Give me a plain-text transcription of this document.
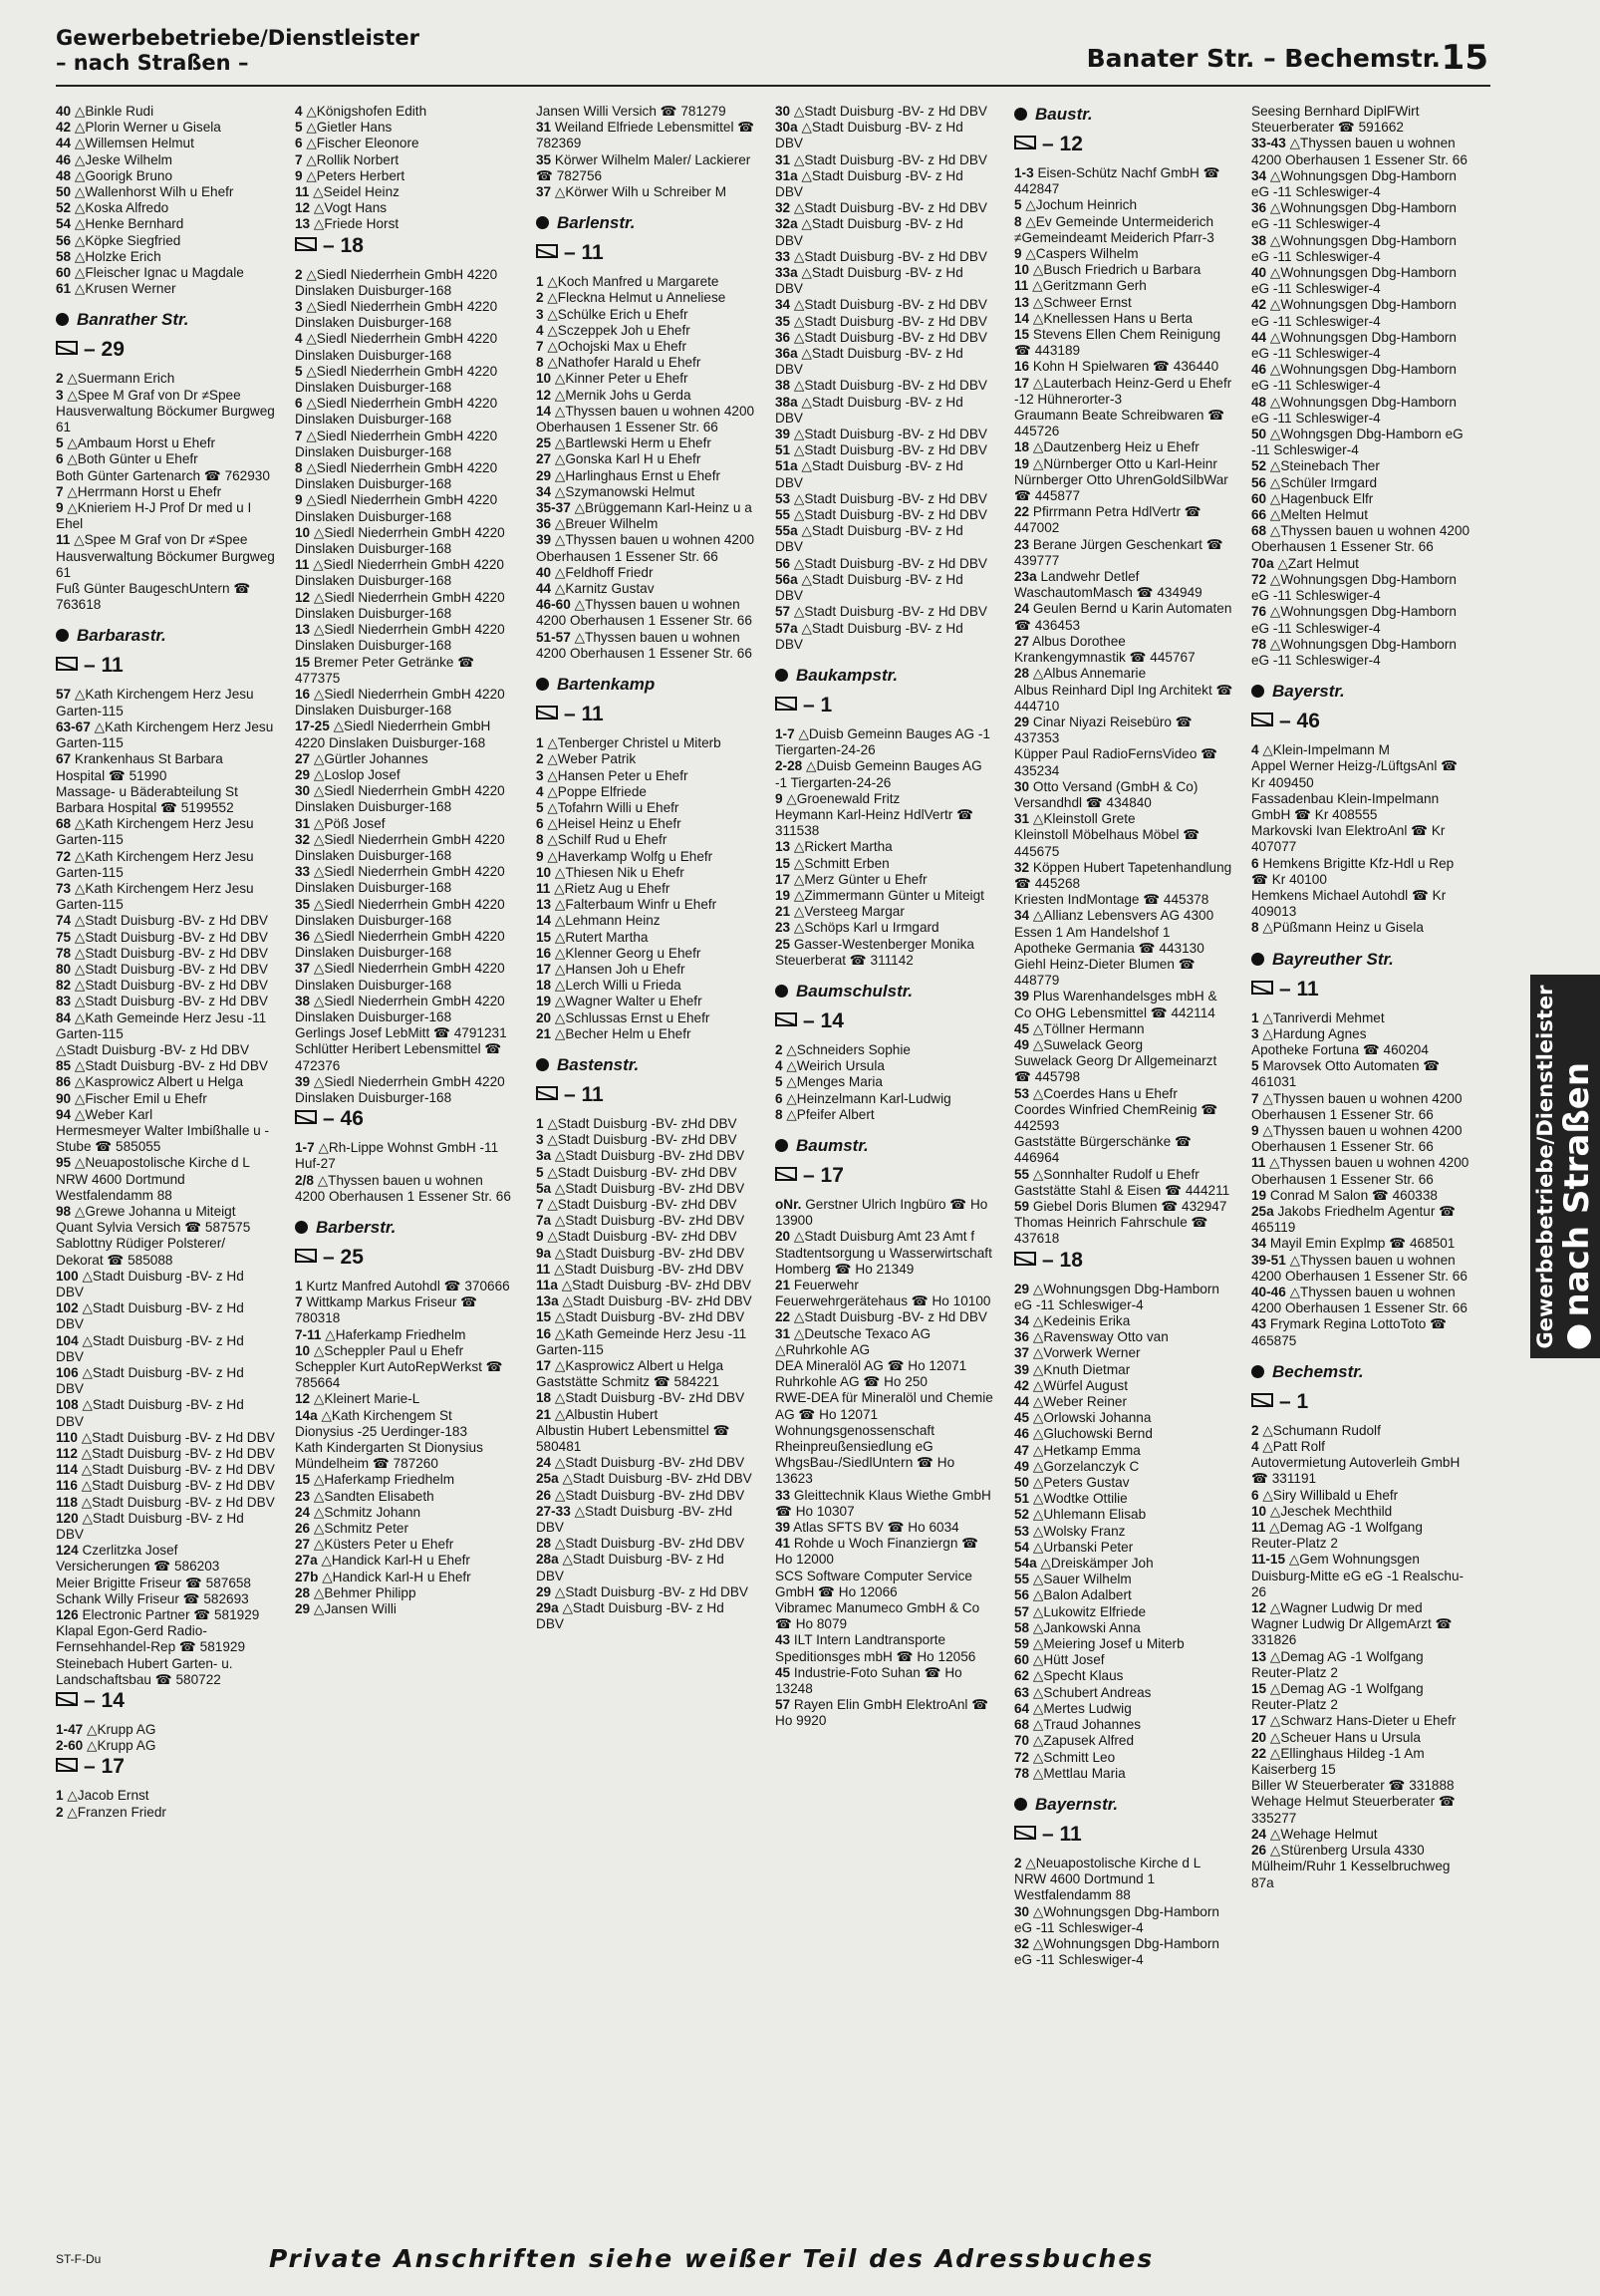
Gewerbebetriebe/Dienstleister
– nach Straßen –	Banater Str. – Bechemstr. 15
40 △Binkle Rudi
42 △Plorin Werner u Gisela
44 △Willemsen Helmut
46 △Jeske Wilhelm
48 △Goorigk Bruno
50 △Wallenhorst Wilh u Ehefr
52 △Koska Alfredo
54 △Henke Bernhard
56 △Köpke Siegfried
58 △Holzke Erich
60 △Fleischer Ignac u Magdale
61 △Krusen Werner
Banrather Str.
– 29
2 △Suermann Erich
3 △Spee M Graf von Dr ≠Spee Hausverwaltung Böckumer Burgweg 61
5 △Ambaum Horst u Ehefr
6 △Both Günter u Ehefr
Both Günter Gartenarch ☎ 762930
7 △Herrmann Horst u Ehefr
9 △Knieriem H-J Prof Dr med u I Ehel
11 △Spee M Graf von Dr ≠Spee Hausverwaltung Böckumer Burgweg 61
Fuß Günter BaugeschUntern ☎ 763618
Barbarastr.
– 11
57 △Kath Kirchengem Herz Jesu Garten-115
63-67 △Kath Kirchengem Herz Jesu Garten-115
67 Krankenhaus St Barbara Hospital ☎ 51990
Massage- u Bäderabteilung St Barbara Hospital ☎ 5199552
68 △Kath Kirchengem Herz Jesu Garten-115
72 △Kath Kirchengem Herz Jesu Garten-115
73 △Kath Kirchengem Herz Jesu Garten-115
74 △Stadt Duisburg -BV- z Hd DBV
75 △Stadt Duisburg -BV- z Hd DBV
78 △Stadt Duisburg -BV- z Hd DBV
80 △Stadt Duisburg -BV- z Hd DBV
82 △Stadt Duisburg -BV- z Hd DBV
83 △Stadt Duisburg -BV- z Hd DBV
84 △Kath Gemeinde Herz Jesu -11 Garten-115
△Stadt Duisburg -BV- z Hd DBV
85 △Stadt Duisburg -BV- z Hd DBV
86 △Kasprowicz Albert u Helga
90 △Fischer Emil u Ehefr
94 △Weber Karl
Hermesmeyer Walter Imbißhalle u -Stube ☎ 585055
95 △Neuapostolische Kirche d L NRW 4600 Dortmund Westfalendamm 88
98 △Grewe Johanna u Miteigt
Quant Sylvia Versich ☎ 587575
Sablottny Rüdiger Polsterer/ Dekorat ☎ 585088
100 △Stadt Duisburg -BV- z Hd DBV
102 △Stadt Duisburg -BV- z Hd DBV
104 △Stadt Duisburg -BV- z Hd DBV
106 △Stadt Duisburg -BV- z Hd DBV
108 △Stadt Duisburg -BV- z Hd DBV
110 △Stadt Duisburg -BV- z Hd DBV
112 △Stadt Duisburg -BV- z Hd DBV
114 △Stadt Duisburg -BV- z Hd DBV
116 △Stadt Duisburg -BV- z Hd DBV
118 △Stadt Duisburg -BV- z Hd DBV
120 △Stadt Duisburg -BV- z Hd DBV
124 Czerlitzka Josef Versicherungen ☎ 586203
Meier Brigitte Friseur ☎ 587658
Schank Willy Friseur ☎ 582693
126 Electronic Partner ☎ 581929
Klapal Egon-Gerd Radio-Fernsehhandel-Rep ☎ 581929
Steinebach Hubert Garten- u. Landschaftsbau ☎ 580722
– 14
1-47 △Krupp AG
2-60 △Krupp AG
– 17
1 △Jacob Ernst
2 △Franzen Friedr
4 △Königshofen Edith
5 △Gietler Hans
6 △Fischer Eleonore
7 △Rollik Norbert
9 △Peters Herbert
11 △Seidel Heinz
12 △Vogt Hans
13 △Friede Horst
– 18
2 △Siedl Niederrhein GmbH 4220 Dinslaken Duisburger-168
3 △Siedl Niederrhein GmbH 4220 Dinslaken Duisburger-168
4 △Siedl Niederrhein GmbH 4220 Dinslaken Duisburger-168
5 △Siedl Niederrhein GmbH 4220 Dinslaken Duisburger-168
6 △Siedl Niederrhein GmbH 4220 Dinslaken Duisburger-168
7 △Siedl Niederrhein GmbH 4220 Dinslaken Duisburger-168
8 △Siedl Niederrhein GmbH 4220 Dinslaken Duisburger-168
9 △Siedl Niederrhein GmbH 4220 Dinslaken Duisburger-168
10 △Siedl Niederrhein GmbH 4220 Dinslaken Duisburger-168
11 △Siedl Niederrhein GmbH 4220 Dinslaken Duisburger-168
12 △Siedl Niederrhein GmbH 4220 Dinslaken Duisburger-168
13 △Siedl Niederrhein GmbH 4220 Dinslaken Duisburger-168
15 Bremer Peter Getränke ☎ 477375
16 △Siedl Niederrhein GmbH 4220 Dinslaken Duisburger-168
17-25 △Siedl Niederrhein GmbH 4220 Dinslaken Duisburger-168
27 △Gürtler Johannes
29 △Loslop Josef
30 △Siedl Niederrhein GmbH 4220 Dinslaken Duisburger-168
31 △Pöß Josef
32 △Siedl Niederrhein GmbH 4220 Dinslaken Duisburger-168
33 △Siedl Niederrhein GmbH 4220 Dinslaken Duisburger-168
35 △Siedl Niederrhein GmbH 4220 Dinslaken Duisburger-168
36 △Siedl Niederrhein GmbH 4220 Dinslaken Duisburger-168
37 △Siedl Niederrhein GmbH 4220 Dinslaken Duisburger-168
38 △Siedl Niederrhein GmbH 4220 Dinslaken Duisburger-168
Gerlings Josef LebMitt ☎ 4791231
Schlütter Heribert Lebensmittel ☎ 472376
39 △Siedl Niederrhein GmbH 4220 Dinslaken Duisburger-168
– 46
1-7 △Rh-Lippe Wohnst GmbH -11 Huf-27
2/8 △Thyssen bauen u wohnen 4200 Oberhausen 1 Essener Str. 66
Barberstr.
– 25
1 Kurtz Manfred Autohdl ☎ 370666
7 Wittkamp Markus Friseur ☎ 780318
7-11 △Haferkamp Friedhelm
10 △Scheppler Paul u Ehefr
Scheppler Kurt AutoRepWerkst ☎ 785664
12 △Kleinert Marie-L
14a △Kath Kirchengem St Dionysius -25 Uerdinger-183
Kath Kindergarten St Dionysius Mündelheim ☎ 787260
15 △Haferkamp Friedhelm
23 △Sandten Elisabeth
24 △Schmitz Johann
26 △Schmitz Peter
27 △Küsters Peter u Ehefr
27a △Handick Karl-H u Ehefr
27b △Handick Karl-H u Ehefr
28 △Behmer Philipp
29 △Jansen Willi
Jansen Willi Versich ☎ 781279
31 Weiland Elfriede Lebensmittel ☎ 782369
35 Körwer Wilhelm Maler/ Lackierer ☎ 782756
37 △Körwer Wilh u Schreiber M
Barlenstr.
– 11
1 △Koch Manfred u Margarete
2 △Fleckna Helmut u Anneliese
3 △Schülke Erich u Ehefr
4 △Sczeppek Joh u Ehefr
7 △Ochojski Max u Ehefr
8 △Nathofer Harald u Ehefr
10 △Kinner Peter u Ehefr
12 △Mernik Johs u Gerda
14 △Thyssen bauen u wohnen 4200 Oberhausen 1 Essener Str. 66
25 △Bartlewski Herm u Ehefr
27 △Gonska Karl H u Ehefr
29 △Harlinghaus Ernst u Ehefr
34 △Szymanowski Helmut
35-37 △Brüggemann Karl-Heinz u a
36 △Breuer Wilhelm
39 △Thyssen bauen u wohnen 4200 Oberhausen 1 Essener Str. 66
40 △Feldhoff Friedr
44 △Karnitz Gustav
46-60 △Thyssen bauen u wohnen 4200 Oberhausen 1 Essener Str. 66
51-57 △Thyssen bauen u wohnen 4200 Oberhausen 1 Essener Str. 66
Bartenkamp
– 11
1 △Tenberger Christel u Miterb
2 △Weber Patrik
3 △Hansen Peter u Ehefr
4 △Poppe Elfriede
5 △Tofahrn Willi u Ehefr
6 △Heisel Heinz u Ehefr
8 △Schilf Rud u Ehefr
9 △Haverkamp Wolfg u Ehefr
10 △Thiesen Nik u Ehefr
11 △Rietz Aug u Ehefr
13 △Falterbaum Winfr u Ehefr
14 △Lehmann Heinz
15 △Rutert Martha
16 △Klenner Georg u Ehefr
17 △Hansen Joh u Ehefr
18 △Lerch Willi u Frieda
19 △Wagner Walter u Ehefr
20 △Schlussas Ernst u Ehefr
21 △Becher Helm u Ehefr
Bastenstr.
– 11
1 △Stadt Duisburg -BV- zHd DBV
3 △Stadt Duisburg -BV- zHd DBV
3a △Stadt Duisburg -BV- zHd DBV
5 △Stadt Duisburg -BV- zHd DBV
5a △Stadt Duisburg -BV- zHd DBV
7 △Stadt Duisburg -BV- zHd DBV
7a △Stadt Duisburg -BV- zHd DBV
9 △Stadt Duisburg -BV- zHd DBV
9a △Stadt Duisburg -BV- zHd DBV
11 △Stadt Duisburg -BV- zHd DBV
11a △Stadt Duisburg -BV- zHd DBV
13a △Stadt Duisburg -BV- zHd DBV
15 △Stadt Duisburg -BV- zHd DBV
16 △Kath Gemeinde Herz Jesu -11 Garten-115
17 △Kasprowicz Albert u Helga
Gaststätte Schmitz ☎ 584221
18 △Stadt Duisburg -BV- zHd DBV
21 △Albustin Hubert
Albustin Hubert Lebensmittel ☎ 580481
24 △Stadt Duisburg -BV- zHd DBV
25a △Stadt Duisburg -BV- zHd DBV
26 △Stadt Duisburg -BV- zHd DBV
27-33 △Stadt Duisburg -BV- zHd DBV
28 △Stadt Duisburg -BV- zHd DBV
28a △Stadt Duisburg -BV- z Hd DBV
29 △Stadt Duisburg -BV- z Hd DBV
29a △Stadt Duisburg -BV- z Hd DBV
30 △Stadt Duisburg -BV- z Hd DBV
30a △Stadt Duisburg -BV- z Hd DBV
31 △Stadt Duisburg -BV- z Hd DBV
31a △Stadt Duisburg -BV- z Hd DBV
32 △Stadt Duisburg -BV- z Hd DBV
32a △Stadt Duisburg -BV- z Hd DBV
33 △Stadt Duisburg -BV- z Hd DBV
33a △Stadt Duisburg -BV- z Hd DBV
34 △Stadt Duisburg -BV- z Hd DBV
35 △Stadt Duisburg -BV- z Hd DBV
36 △Stadt Duisburg -BV- z Hd DBV
36a △Stadt Duisburg -BV- z Hd DBV
38 △Stadt Duisburg -BV- z Hd DBV
38a △Stadt Duisburg -BV- z Hd DBV
39 △Stadt Duisburg -BV- z Hd DBV
51 △Stadt Duisburg -BV- z Hd DBV
51a △Stadt Duisburg -BV- z Hd DBV
53 △Stadt Duisburg -BV- z Hd DBV
55 △Stadt Duisburg -BV- z Hd DBV
55a △Stadt Duisburg -BV- z Hd DBV
56 △Stadt Duisburg -BV- z Hd DBV
56a △Stadt Duisburg -BV- z Hd DBV
57 △Stadt Duisburg -BV- z Hd DBV
57a △Stadt Duisburg -BV- z Hd DBV
Baukampstr.
– 1
1-7 △Duisb Gemeinn Bauges AG -1 Tiergarten-24-26
2-28 △Duisb Gemeinn Bauges AG -1 Tiergarten-24-26
9 △Groenewald Fritz
Heymann Karl-Heinz HdlVertr ☎ 311538
13 △Rickert Martha
15 △Schmitt Erben
17 △Merz Günter u Ehefr
19 △Zimmermann Günter u Miteigt
21 △Versteeg Margar
23 △Schöps Karl u Irmgard
25 Gasser-Westenberger Monika Steuerberat ☎ 311142
Baumschulstr.
– 14
2 △Schneiders Sophie
4 △Weirich Ursula
5 △Menges Maria
6 △Heinzelmann Karl-Ludwig
8 △Pfeifer Albert
Baumstr.
– 17
oNr. Gerstner Ulrich Ingbüro ☎ Ho 13900
20 △Stadt Duisburg Amt 23 Amt f Stadtentsorgung u Wasserwirtschaft Homberg ☎ Ho 21349
21 Feuerwehr Feuerwehrgerätehaus ☎ Ho 10100
22 △Stadt Duisburg -BV- z Hd DBV
31 △Deutsche Texaco AG △Ruhrkohle AG
DEA Mineralöl AG ☎ Ho 12071
Ruhrkohle AG ☎ Ho 250
RWE-DEA für Mineralöl und Chemie AG ☎ Ho 12071
Wohnungsgenossenschaft Rheinpreußensiedlung eG WhgsBau-/SiedlUntern ☎ Ho 13623
33 Gleittechnik Klaus Wiethe GmbH ☎ Ho 10307
39 Atlas SFTS BV ☎ Ho 6034
41 Rohde u Woch Finanziergn ☎ Ho 12000
SCS Software Computer Service GmbH ☎ Ho 12066
Vibramec Manumeco GmbH & Co ☎ Ho 8079
43 ILT Intern Landtransporte Speditionsges mbH ☎ Ho 12056
45 Industrie-Foto Suhan ☎ Ho 13248
57 Rayen Elin GmbH ElektroAnl ☎ Ho 9920
Baustr.
– 12
1-3 Eisen-Schütz Nachf GmbH ☎ 442847
5 △Jochum Heinrich
8 △Ev Gemeinde Untermeiderich ≠Gemeindeamt Meiderich Pfarr-3
9 △Caspers Wilhelm
10 △Busch Friedrich u Barbara
11 △Geritzmann Gerh
13 △Schweer Ernst
14 △Knellessen Hans u Berta
15 Stevens Ellen Chem Reinigung ☎ 443189
16 Kohn H Spielwaren ☎ 436440
17 △Lauterbach Heinz-Gerd u Ehefr -12 Hühnerorter-3
Graumann Beate Schreibwaren ☎ 445726
18 △Dautzenberg Heiz u Ehefr
19 △Nürnberger Otto u Karl-Heinr
Nürnberger Otto UhrenGoldSilbWar ☎ 445877
22 Pfirrmann Petra HdlVertr ☎ 447002
23 Berane Jürgen Geschenkart ☎ 439777
23a Landwehr Detlef WaschautomMasch ☎ 434949
24 Geulen Bernd u Karin Automaten ☎ 436453
27 Albus Dorothee Krankengymnastik ☎ 445767
28 △Albus Annemarie
Albus Reinhard Dipl Ing Architekt ☎ 444710
29 Cinar Niyazi Reisebüro ☎ 437353
Küpper Paul RadioFernsVideo ☎ 435234
30 Otto Versand (GmbH & Co) Versandhdl ☎ 434840
31 △Kleinstoll Grete
Kleinstoll Möbelhaus Möbel ☎ 445675
32 Köppen Hubert Tapetenhandlung ☎ 445268
Kriesten IndMontage ☎ 445378
34 △Allianz Lebensvers AG 4300 Essen 1 Am Handelshof 1
Apotheke Germania ☎ 443130
Giehl Heinz-Dieter Blumen ☎ 448779
39 Plus Warenhandelsges mbH & Co OHG Lebensmittel ☎ 442114
45 △Töllner Hermann
49 △Suwelack Georg
Suwelack Georg Dr Allgemeinarzt ☎ 445798
53 △Coerdes Hans u Ehefr
Coordes Winfried ChemReinig ☎ 442593
Gaststätte Bürgerschänke ☎ 446964
55 △Sonnhalter Rudolf u Ehefr
Gaststätte Stahl & Eisen ☎ 444211
59 Giebel Doris Blumen ☎ 432947
Thomas Heinrich Fahrschule ☎ 437618
– 18
29 △Wohnungsgen Dbg-Hamborn eG -11 Schleswiger-4
34 △Kedeinis Erika
36 △Ravensway Otto van
37 △Vorwerk Werner
39 △Knuth Dietmar
42 △Würfel August
44 △Weber Reiner
45 △Orlowski Johanna
46 △Gluchowski Bernd
47 △Hetkamp Emma
49 △Gorzelanczyk C
50 △Peters Gustav
51 △Wodtke Ottilie
52 △Uhlemann Elisab
53 △Wolsky Franz
54 △Urbanski Peter
54a △Dreiskämper Joh
55 △Sauer Wilhelm
56 △Balon Adalbert
57 △Lukowitz Elfriede
58 △Jankowski Anna
59 △Meiering Josef u Miterb
60 △Hütt Josef
62 △Specht Klaus
63 △Schubert Andreas
64 △Mertes Ludwig
68 △Traud Johannes
70 △Zapusek Alfred
72 △Schmitt Leo
78 △Mettlau Maria
Bayernstr.
– 11
2 △Neuapostolische Kirche d L NRW 4600 Dortmund 1 Westfalendamm 88
30 △Wohnungsgen Dbg-Hamborn eG -11 Schleswiger-4
32 △Wohnungsgen Dbg-Hamborn eG -11 Schleswiger-4
Seesing Bernhard DiplFWirt Steuerberater ☎ 591662
33-43 △Thyssen bauen u wohnen 4200 Oberhausen 1 Essener Str. 66
34 △Wohnungsgen Dbg-Hamborn eG -11 Schleswiger-4
36 △Wohnungsgen Dbg-Hamborn eG -11 Schleswiger-4
38 △Wohnungsgen Dbg-Hamborn eG -11 Schleswiger-4
40 △Wohnungsgen Dbg-Hamborn eG -11 Schleswiger-4
42 △Wohnungsgen Dbg-Hamborn eG -11 Schleswiger-4
44 △Wohnungsgen Dbg-Hamborn eG -11 Schleswiger-4
46 △Wohnungsgen Dbg-Hamborn eG -11 Schleswiger-4
48 △Wohnungsgen Dbg-Hamborn eG -11 Schleswiger-4
50 △Wohngsgen Dbg-Hamborn eG -11 Schleswiger-4
52 △Steinebach Ther
56 △Schüler Irmgard
60 △Hagenbuck Elfr
66 △Melten Helmut
68 △Thyssen bauen u wohnen 4200 Oberhausen 1 Essener Str. 66
70a △Zart Helmut
72 △Wohnungsgen Dbg-Hamborn eG -11 Schleswiger-4
76 △Wohnungsgen Dbg-Hamborn eG -11 Schleswiger-4
78 △Wohnungsgen Dbg-Hamborn eG -11 Schleswiger-4
Bayerstr.
– 46
4 △Klein-Impelmann M
Appel Werner Heizg-/LüftgsAnl ☎ Kr 409450
Fassadenbau Klein-Impelmann GmbH ☎ Kr 408555
Markovski Ivan ElektroAnl ☎ Kr 407077
6 Hemkens Brigitte Kfz-Hdl u Rep ☎ Kr 40100
Hemkens Michael Autohdl ☎ Kr 409013
8 △Püßmann Heinz u Gisela
Bayreuther Str.
– 11
1 △Tanriverdi Mehmet
3 △Hardung Agnes
Apotheke Fortuna ☎ 460204
5 Marovsek Otto Automaten ☎ 461031
7 △Thyssen bauen u wohnen 4200 Oberhausen 1 Essener Str. 66
9 △Thyssen bauen u wohnen 4200 Oberhausen 1 Essener Str. 66
11 △Thyssen bauen u wohnen 4200 Oberhausen 1 Essener Str. 66
19 Conrad M Salon ☎ 460338
25a Jakobs Friedhelm Agentur ☎ 465119
34 Mayil Emin Explmp ☎ 468501
39-51 △Thyssen bauen u wohnen 4200 Oberhausen 1 Essener Str. 66
40-46 △Thyssen bauen u wohnen 4200 Oberhausen 1 Essener Str. 66
43 Frymark Regina LottoToto ☎ 465875
Bechemstr.
– 1
2 △Schumann Rudolf
4 △Patt Rolf
Autovermietung Autoverleih GmbH ☎ 331191
6 △Siry Willibald u Ehefr
10 △Jeschek Mechthild
11 △Demag AG -1 Wolfgang Reuter-Platz 2
11-15 △Gem Wohnungsgen Duisburg-Mitte eG eG -1 Realschu-26
12 △Wagner Ludwig Dr med
Wagner Ludwig Dr AllgemArzt ☎ 331826
13 △Demag AG -1 Wolfgang Reuter-Platz 2
15 △Demag AG -1 Wolfgang Reuter-Platz 2
17 △Schwarz Hans-Dieter u Ehefr
20 △Scheuer Hans u Ursula
22 △Ellinghaus Hildeg -1 Am Kaiserberg 15
Biller W Steuerberater ☎ 331888
Wehage Helmut Steuerberater ☎ 335277
24 △Wehage Helmut
26 △Stürenberg Ursula 4330 Mülheim/Ruhr 1 Kesselbruchweg 87a
Gewerbebetriebe/Dienstleister nach Straßen
ST-F-Du	Private Anschriften siehe weißer Teil des Adressbuches
